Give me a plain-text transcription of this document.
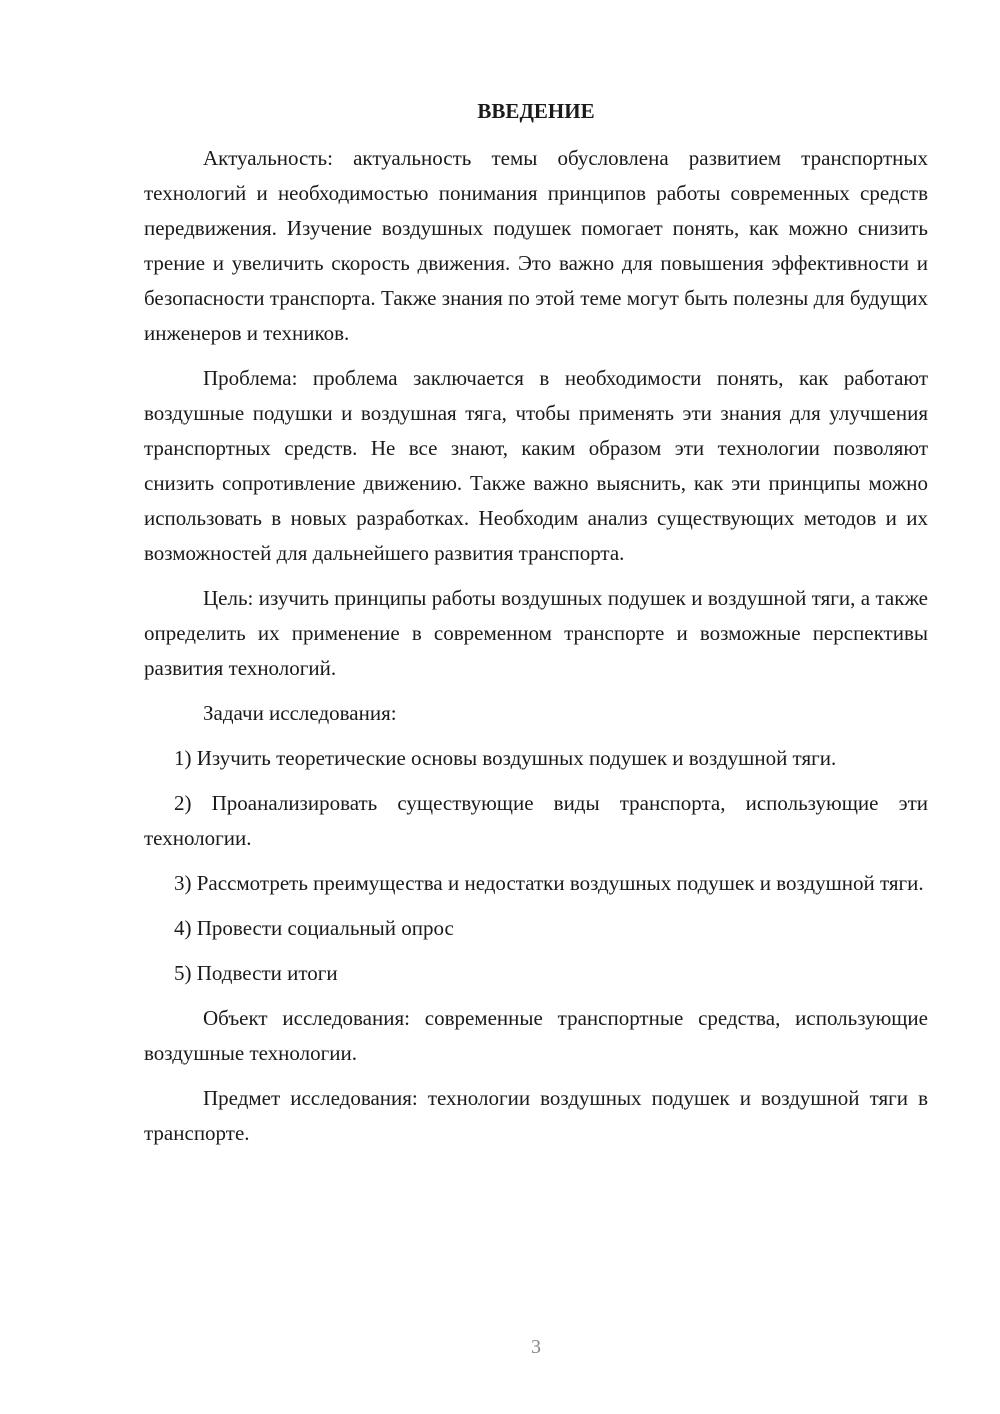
ВВЕДЕНИЕ

Актуальность: актуальность темы обусловлена развитием транспортных технологий и необходимостью понимания принципов работы современных средств передвижения. Изучение воздушных подушек помогает понять, как можно снизить трение и увеличить скорость движения. Это важно для повышения эффективности и безопасности транспорта. Также знания по этой теме могут быть полезны для будущих инженеров и техников.

Проблема: проблема заключается в необходимости понять, как работают воздушные подушки и воздушная тяга, чтобы применять эти знания для улучшения транспортных средств. Не все знают, каким образом эти технологии позволяют снизить сопротивление движению. Также важно выяснить, как эти принципы можно использовать в новых разработках. Необходим анализ существующих методов и их возможностей для дальнейшего развития транспорта.

Цель: изучить принципы работы воздушных подушек и воздушной тяги, а также определить их применение в современном транспорте и возможные перспективы развития технологий.

Задачи исследования:

1) Изучить теоретические основы воздушных подушек и воздушной тяги.

2) Проанализировать существующие виды транспорта, использующие эти технологии.

3) Рассмотреть преимущества и недостатки воздушных подушек и воздушной тяги.

4) Провести социальный опрос

5) Подвести итоги

Объект исследования: современные транспортные средства, использующие воздушные технологии.

Предмет исследования: технологии воздушных подушек и воздушной тяги в транспорте.

3
